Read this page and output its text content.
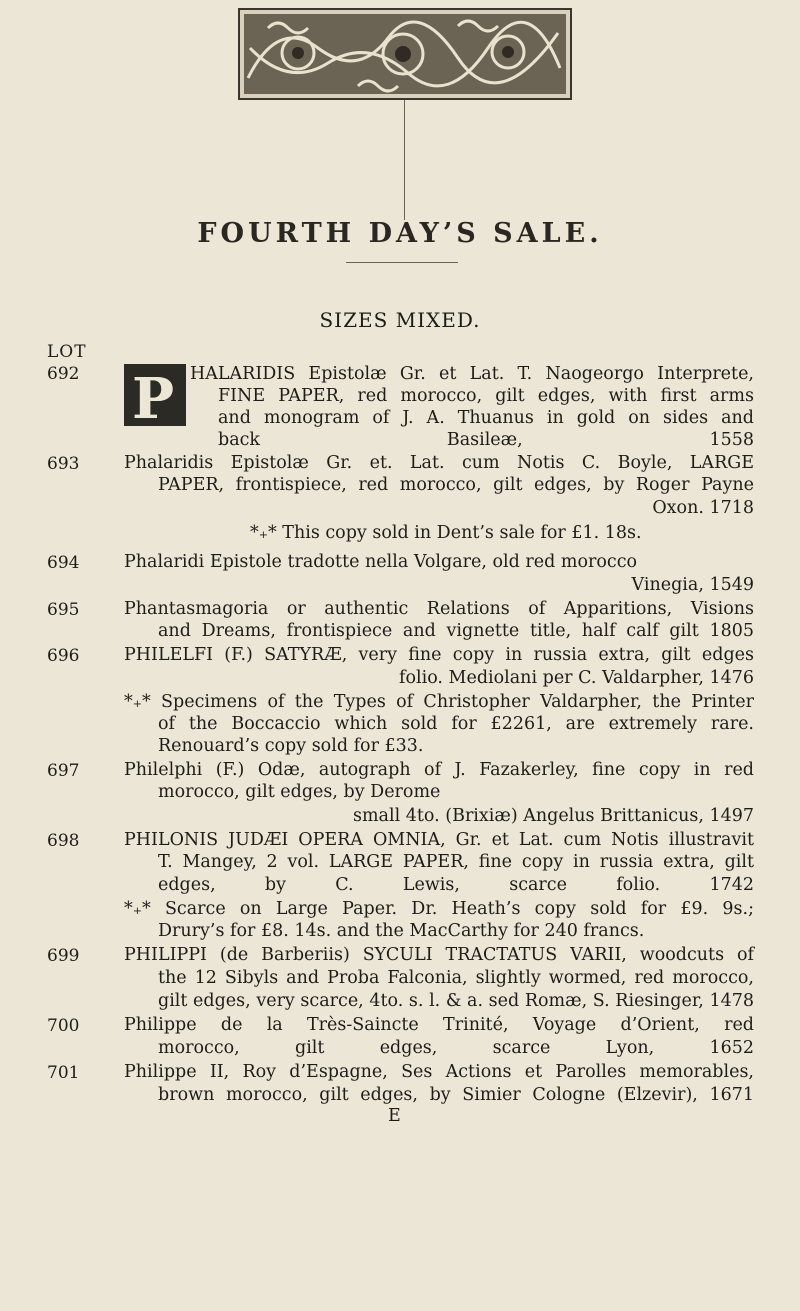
FOURTH DAY’S SALE.
SIZES MIXED.
LOT
692 P HALARIDIS Epistolæ Gr. et Lat. T. Naogeorgo Interprete,
FINE PAPER, red morocco, gilt edges, with first arms
and monogram of J. A. Thuanus in gold on sides and
back Basileæ, 1558
693	Phalaridis Epistolæ Gr. et. Lat. cum Notis C. Boyle, LARGE
PAPER, frontispiece, red morocco, gilt edges, by Roger Payne
Oxon. 1718
*₊* This copy sold in Dent’s sale for £1. 18s.
694	Phalaridi Epistole tradotte nella Volgare, old red morocco
Vinegia, 1549
695	Phantasmagoria or authentic Relations of Apparitions, Visions
and Dreams, frontispiece and vignette title, half calf gilt 1805
696	PHILELFI (F.) SATYRÆ, very fine copy in russia extra, gilt edges
folio. Mediolani per C. Valdarpher, 1476
*₊* Specimens of the Types of Christopher Valdarpher, the Printer
of the Boccaccio which sold for £2261, are extremely rare.
Renouard’s copy sold for £33.
697	Philelphi (F.) Odæ, autograph of J. Fazakerley, fine copy in red
morocco, gilt edges, by Derome
small 4to. (Brixiæ) Angelus Brittanicus, 1497
698	PHILONIS JUDÆI OPERA OMNIA, Gr. et Lat. cum Notis illustravit
T. Mangey, 2 vol. LARGE PAPER, fine copy in russia extra, gilt
edges, by C. Lewis, scarce folio. 1742
*₊* Scarce on Large Paper. Dr. Heath’s copy sold for £9. 9s.;
Drury’s for £8. 14s. and the MacCarthy for 240 francs.
699	PHILIPPI (de Barberiis) SYCULI TRACTATUS VARII, woodcuts of
the 12 Sibyls and Proba Falconia, slightly wormed, red morocco,
gilt edges, very scarce, 4to. s. l. & a. sed Romæ, S. Riesinger, 1478
700	Philippe de la Très-Saincte Trinité, Voyage d’Orient, red
morocco, gilt edges, scarce Lyon, 1652
701	Philippe II, Roy d’Espagne, Ses Actions et Parolles memorables,
brown morocco, gilt edges, by Simier Cologne (Elzevir), 1671
E
